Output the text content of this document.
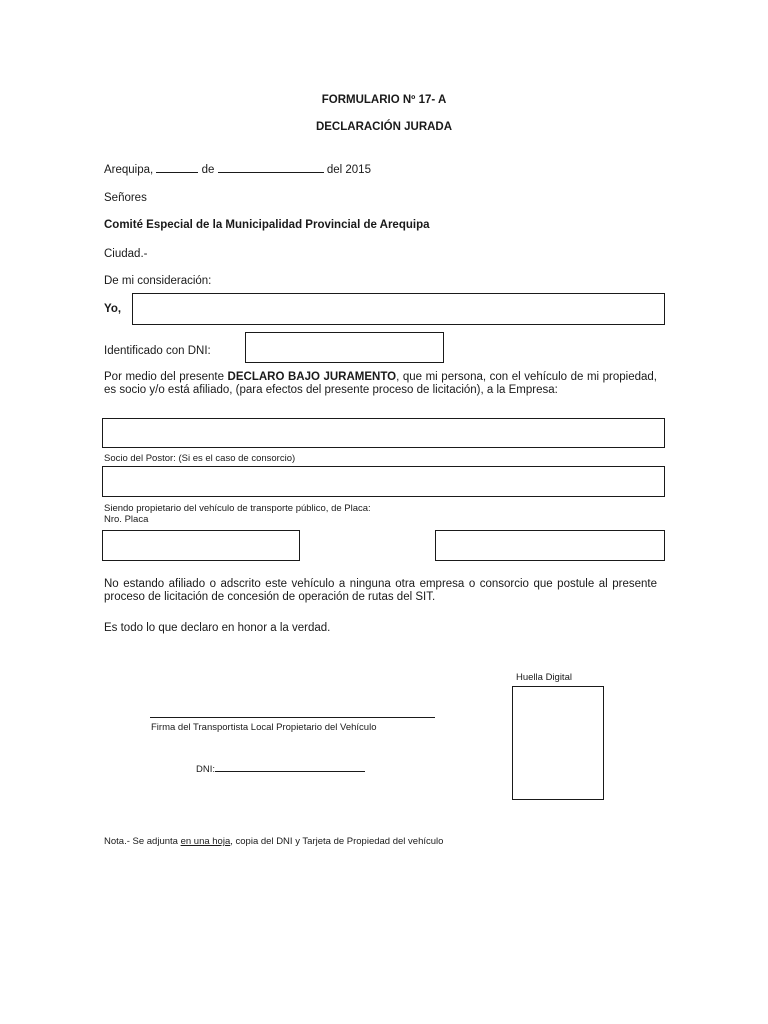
FORMULARIO Nº 17- A
DECLARACIÓN JURADA
Arequipa,	de	del 2015
Señores
Comité Especial de la Municipalidad Provincial de Arequipa
Ciudad.-
De mi consideración:
Yo,
Identificado con DNI:
Por medio del presente DECLARO BAJO JURAMENTO, que mi persona, con el vehículo de mi propiedad, es socio y/o está afiliado, (para efectos del presente proceso de licitación), a la Empresa:
Socio del Postor: (Si es el caso de consorcio)
Siendo propietario del vehículo de transporte público, de Placa:
Nro. Placa
No estando afiliado o adscrito este vehículo a ninguna otra empresa o consorcio que postule al presente proceso de licitación de concesión de operación de rutas del SIT.
Es todo lo que declaro en honor a la verdad.
Huella Digital
Firma del Transportista Local Propietario del Vehículo
DNI:
Nota.- Se adjunta en una hoja, copia del DNI y Tarjeta de Propiedad del vehículo
